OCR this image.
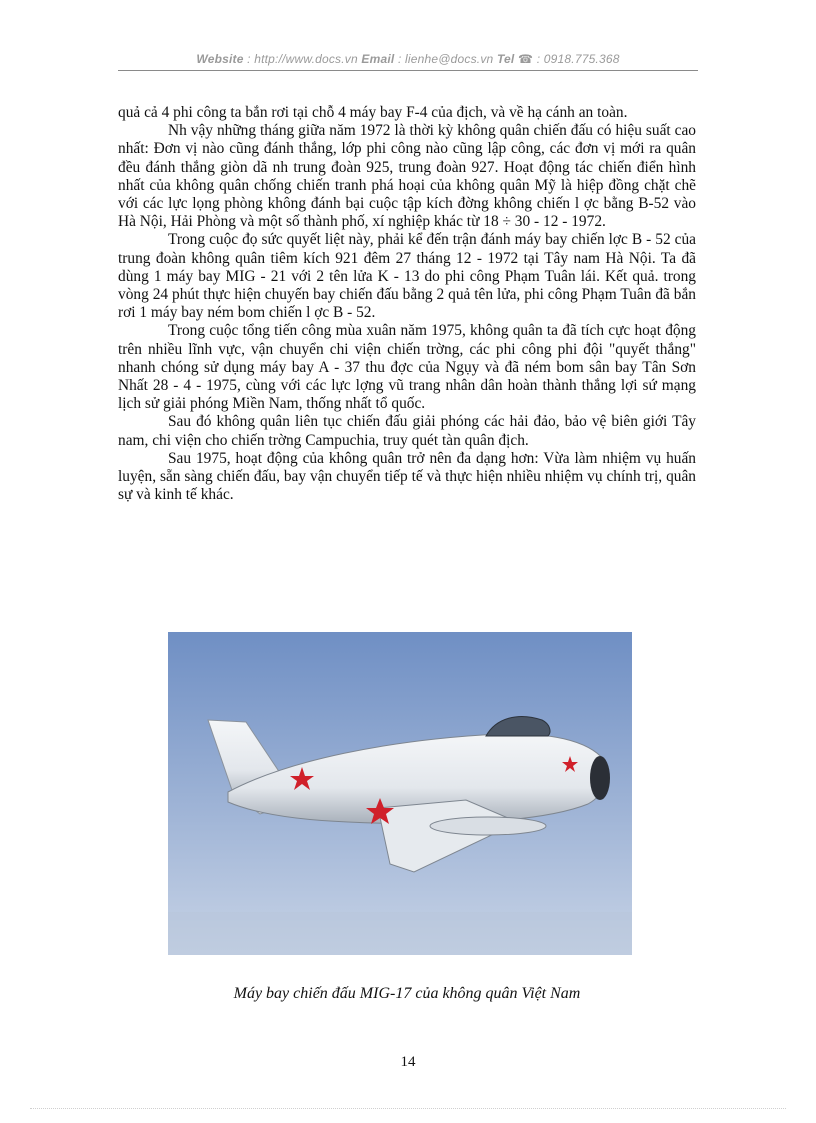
Website : http://www.docs.vn Email : lienhe@docs.vn Tel ☎ : 0918.775.368

quả cả 4 phi công ta bắn rơi tại chỗ 4 máy bay F-4 của địch, và về hạ cánh an toàn.

Nh vậy những tháng giữa năm 1972 là thời kỳ không quân chiến đấu có hiệu suất cao nhất: Đơn vị nào cũng đánh thắng, lớp phi công nào cũng lập công, các đơn vị mới ra quân đều đánh thắng giòn dã nh trung đoàn 925, trung đoàn 927. Hoạt động tác chiến điển hình nhất của không quân chống chiến tranh phá hoại của không quân Mỹ là hiệp đồng chặt chẽ với các lực lọng phòng không đánh bại cuộc tập kích đờng không chiến l ợc bằng B-52 vào Hà Nội, Hải Phòng và một số thành phố, xí nghiệp khác từ 18 ÷ 30 - 12 - 1972.

Trong cuộc đọ sức quyết liệt này, phải kể đến trận đánh máy bay chiến lợc B - 52 của trung đoàn không quân tiêm kích 921 đêm 27 tháng 12 - 1972 tại Tây nam Hà Nội. Ta đã dùng 1 máy bay MIG - 21 với 2 tên lửa K - 13 do phi công Phạm Tuân lái. Kết quả. trong vòng 24 phút thực hiện chuyến bay chiến đấu bằng 2 quả tên lửa, phi công Phạm Tuân đã bắn rơi 1 máy bay ném bom chiến l ợc B - 52.

Trong cuộc tổng tiến công mùa xuân năm 1975, không quân ta đã tích cực hoạt động trên nhiều lĩnh vực, vận chuyển chi viện chiến trờng, các phi công phi đội "quyết thắng" nhanh chóng sử dụng máy bay A - 37 thu đợc của Ngụy và đã ném bom sân bay Tân Sơn Nhất 28 - 4 - 1975, cùng với các lực lợng vũ trang nhân dân hoàn thành thắng lợi sứ mạng lịch sử giải phóng Miền Nam, thống nhất tổ quốc.

Sau đó không quân liên tục chiến đấu giải phóng các hải đảo, bảo vệ biên giới Tây nam, chi viện cho chiến trờng Campuchia, truy quét tàn quân địch.

Sau 1975, hoạt động của không quân trở nên đa dạng hơn: Vừa làm nhiệm vụ huấn luyện, sẵn sàng chiến đấu, bay vận chuyển tiếp tế và thực hiện nhiều nhiệm vụ chính trị, quân sự và kinh tế khác.

Máy bay chiến đấu MIG-17 của không quân Việt Nam
14
